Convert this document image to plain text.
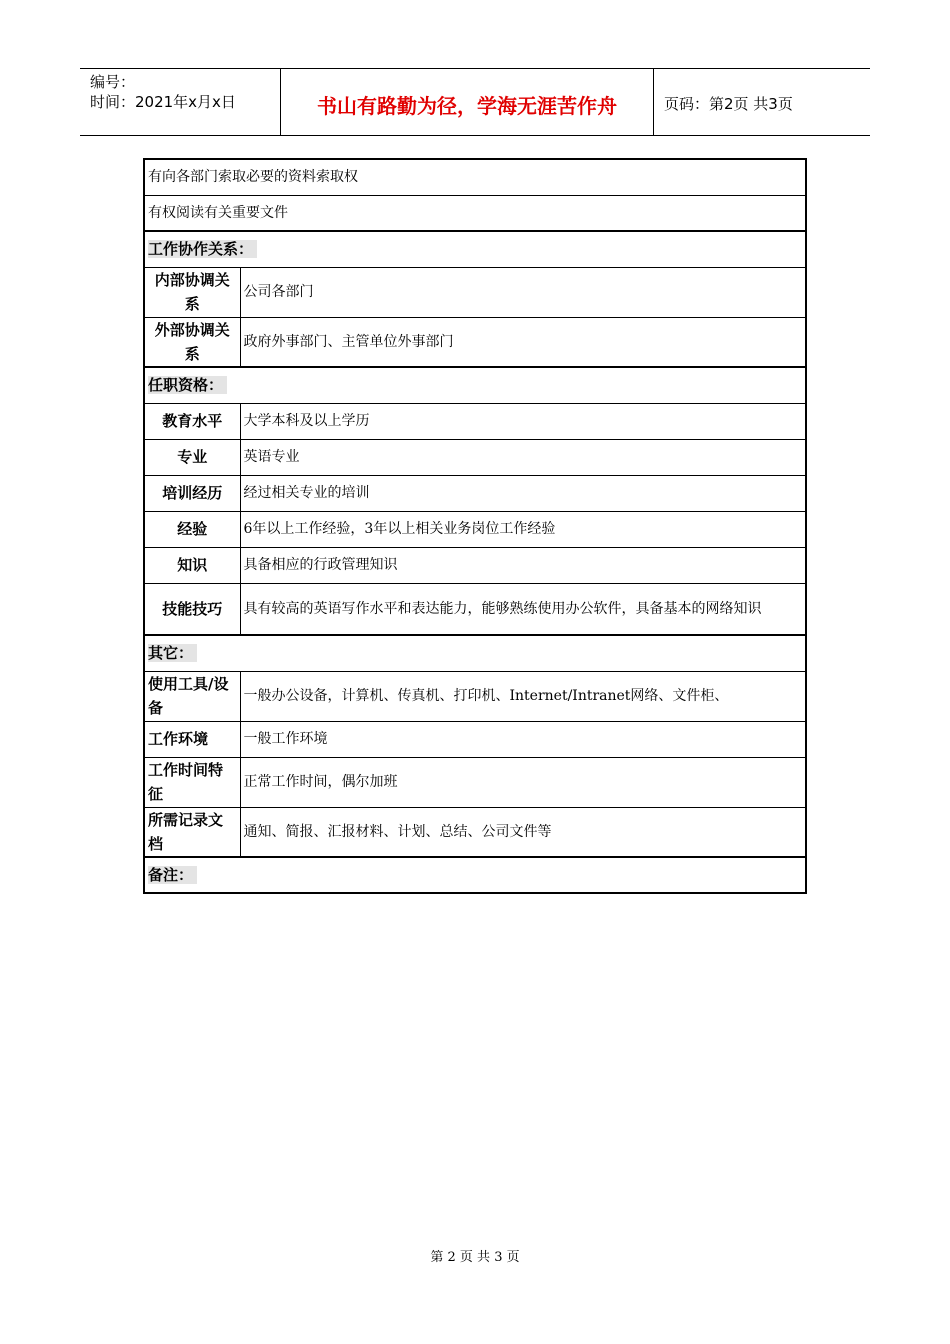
编号：
时间：2021年x月x日	书山有路勤为径，学海无涯苦作舟	页码：第2页 共3页
有向各部门索取必要的资料索取权	
有权阅读有关重要文件	
工作协作关系：	
内部协调关系	公司各部门
外部协调关系	政府外事部门、主管单位外事部门
任职资格：	
教育水平	大学本科及以上学历
专业	英语专业
培训经历	经过相关专业的培训
经验	6年以上工作经验，3年以上相关业务岗位工作经验
知识	具备相应的行政管理知识
技能技巧	具有较高的英语写作水平和表达能力，能够熟练使用办公软件，具备基本的网络知识
其它：	
使用工具/设备	一般办公设备，计算机、传真机、打印机、Internet/Intranet网络、文件柜、
工作环境	一般工作环境
工作时间特征	正常工作时间，偶尔加班
所需记录文档	通知、简报、汇报材料、计划、总结、公司文件等
备注：	
第 2 页 共 3 页
